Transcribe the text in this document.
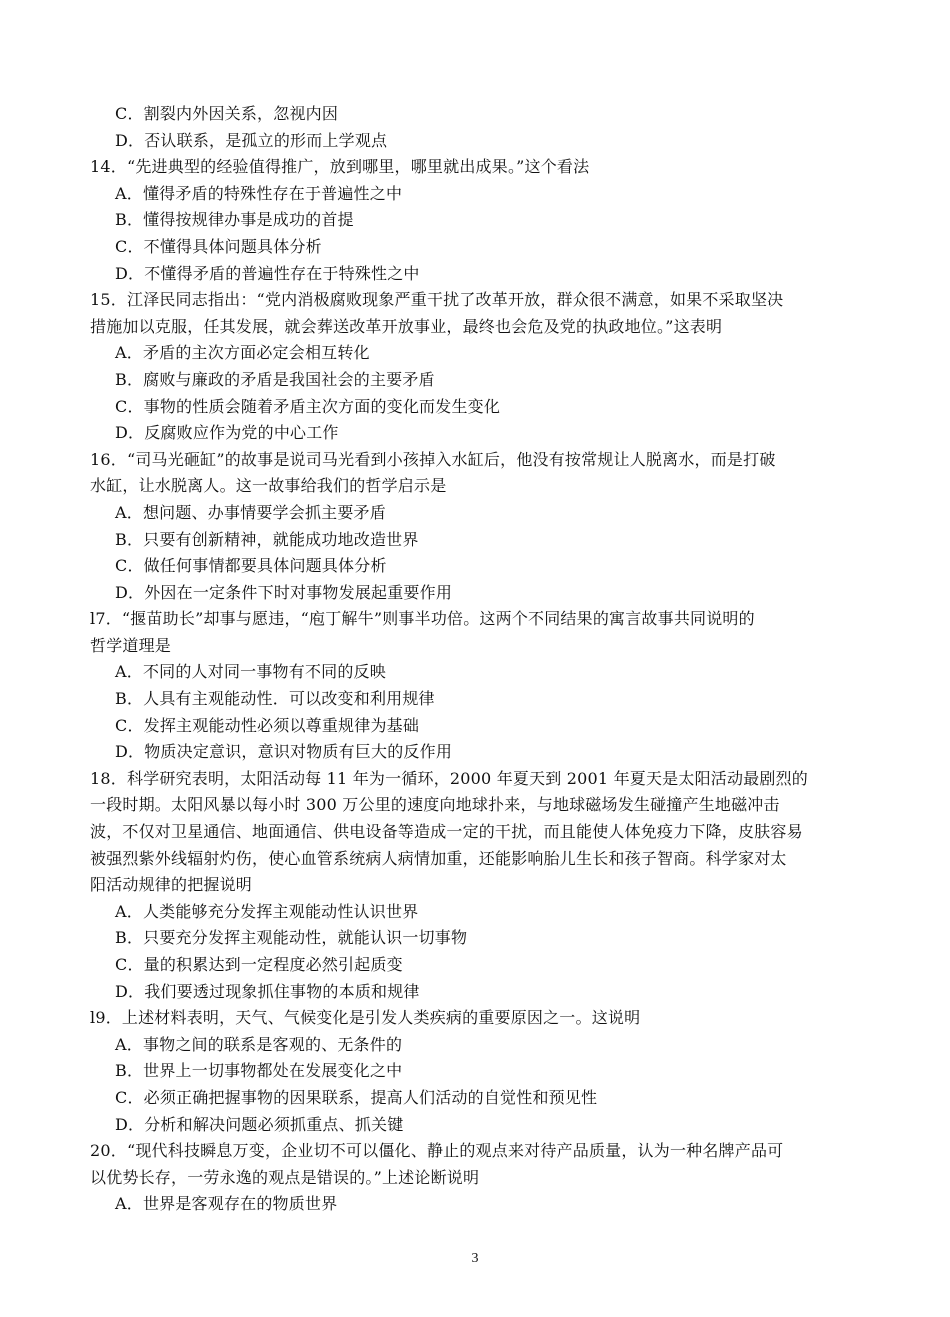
C．割裂内外因关系，忽视内因
D．否认联系，是孤立的形而上学观点
14．“先进典型的经验值得推广，放到哪里，哪里就出成果。”这个看法
A．懂得矛盾的特殊性存在于普遍性之中
B．懂得按规律办事是成功的首提
C．不懂得具体问题具体分析
D．不懂得矛盾的普遍性存在于特殊性之中
15．江泽民同志指出：“党内消极腐败现象严重干扰了改革开放，群众很不满意，如果不采取坚决
措施加以克服，任其发展，就会葬送改革开放事业，最终也会危及党的执政地位。”这表明
A．矛盾的主次方面必定会相互转化
B．腐败与廉政的矛盾是我国社会的主要矛盾
C．事物的性质会随着矛盾主次方面的变化而发生变化
D．反腐败应作为党的中心工作
16．“司马光砸缸”的故事是说司马光看到小孩掉入水缸后，他没有按常规让人脱离水，而是打破
水缸，让水脱离人。这一故事给我们的哲学启示是
A．想问题、办事情要学会抓主要矛盾
B．只要有创新精神，就能成功地改造世界
C．做任何事情都要具体问题具体分析
D．外因在一定条件下时对事物发展起重要作用
l7．“揠苗助长”却事与愿违，“庖丁解牛”则事半功倍。这两个不同结果的寓言故事共同说明的
哲学道理是
A．不同的人对同一事物有不同的反映
B．人具有主观能动性．可以改变和利用规律
C．发挥主观能动性必须以尊重规律为基础
D．物质决定意识，意识对物质有巨大的反作用
18．科学研究表明，太阳活动每 11 年为一循环，2000 年夏天到 2001 年夏天是太阳活动最剧烈的
一段时期。太阳风暴以每小时 300 万公里的速度向地球扑来，与地球磁场发生碰撞产生地磁冲击
波，不仅对卫星通信、地面通信、供电设备等造成一定的干扰，而且能使人体免疫力下降，皮肤容易
被强烈紫外线辐射灼伤，使心血管系统病人病情加重，还能影响胎儿生长和孩子智商。科学家对太
阳活动规律的把握说明
A．人类能够充分发挥主观能动性认识世界
B．只要充分发挥主观能动性，就能认识一切事物
C．量的积累达到一定程度必然引起质变
D．我们要透过现象抓住事物的本质和规律
l9．上述材料表明，天气、气候变化是引发人类疾病的重要原因之一。这说明
A．事物之间的联系是客观的、无条件的
B．世界上一切事物都处在发展变化之中
C．必须正确把握事物的因果联系，提高人们活动的自觉性和预见性
D．分析和解决问题必须抓重点、抓关键
20．“现代科技瞬息万变，企业切不可以僵化、静止的观点来对待产品质量，认为一种名牌产品可
以优势长存，一劳永逸的观点是错误的。”上述论断说明
A．世界是客观存在的物质世界
3
